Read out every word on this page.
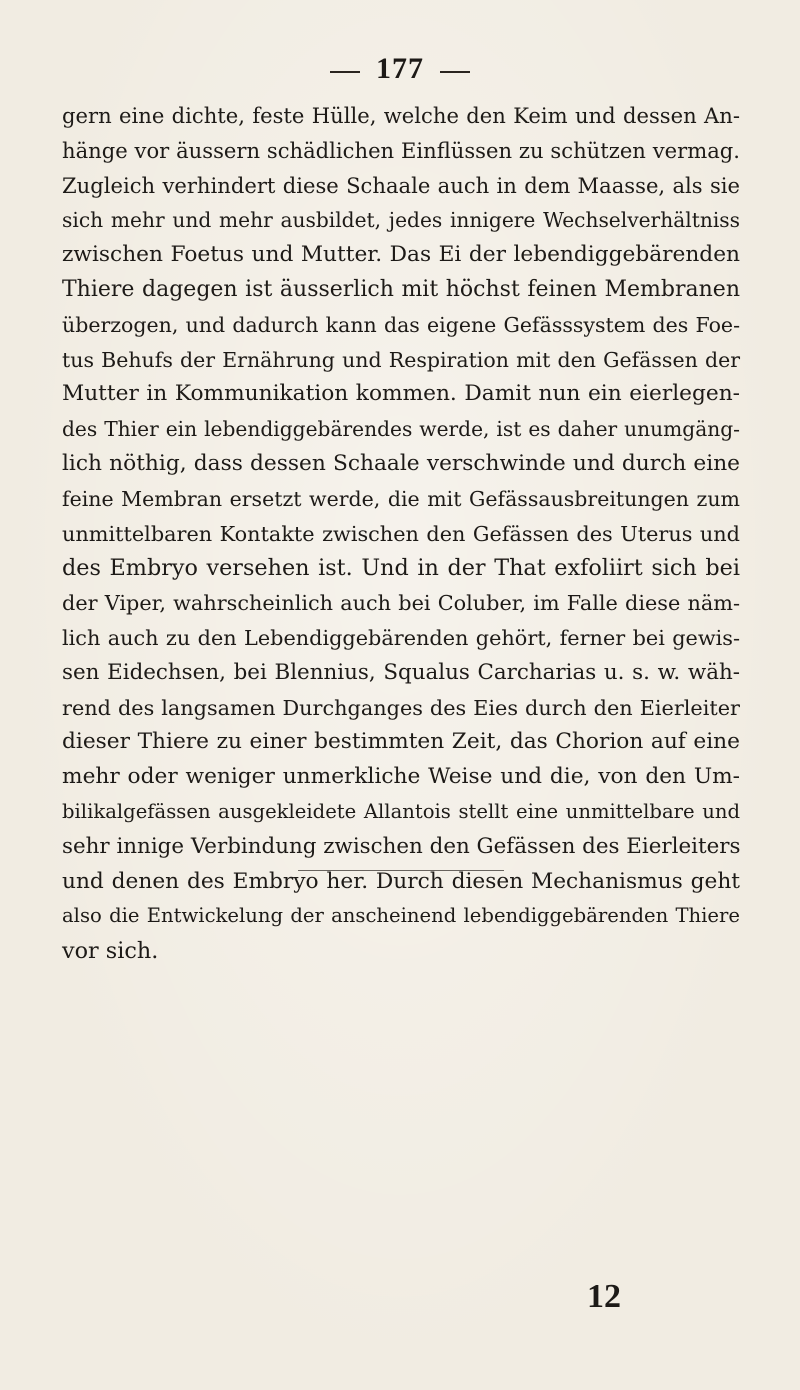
177
gern eine dichte, feste Hülle, welche den Keim und dessen An-
hänge vor äussern schädlichen Einflüssen zu schützen vermag.
Zugleich verhindert diese Schaale auch in dem Maasse, als sie
sich mehr und mehr ausbildet, jedes innigere Wechselverhältniss
zwischen Foetus und Mutter. Das Ei der lebendiggebärenden
Thiere dagegen ist äusserlich mit höchst feinen Membranen
überzogen, und dadurch kann das eigene Gefässsystem des Foe-
tus Behufs der Ernährung und Respiration mit den Gefässen der
Mutter in Kommunikation kommen. Damit nun ein eierlegen-
des Thier ein lebendiggebärendes werde, ist es daher unumgäng-
lich nöthig, dass dessen Schaale verschwinde und durch eine
feine Membran ersetzt werde, die mit Gefässausbreitungen zum
unmittelbaren Kontakte zwischen den Gefässen des Uterus und
des Embryo versehen ist. Und in der That exfoliirt sich bei
der Viper, wahrscheinlich auch bei Coluber, im Falle diese näm-
lich auch zu den Lebendiggebärenden gehört, ferner bei gewis-
sen Eidechsen, bei Blennius, Squalus Carcharias u. s. w. wäh-
rend des langsamen Durchganges des Eies durch den Eierleiter
dieser Thiere zu einer bestimmten Zeit, das Chorion auf eine
mehr oder weniger unmerkliche Weise und die, von den Um-
bilikalgefässen ausgekleidete Allantois stellt eine unmittelbare und
sehr innige Verbindung zwischen den Gefässen des Eierleiters
und denen des Embryo her. Durch diesen Mechanismus geht
also die Entwickelung der anscheinend lebendiggebärenden Thiere
vor sich.
12
